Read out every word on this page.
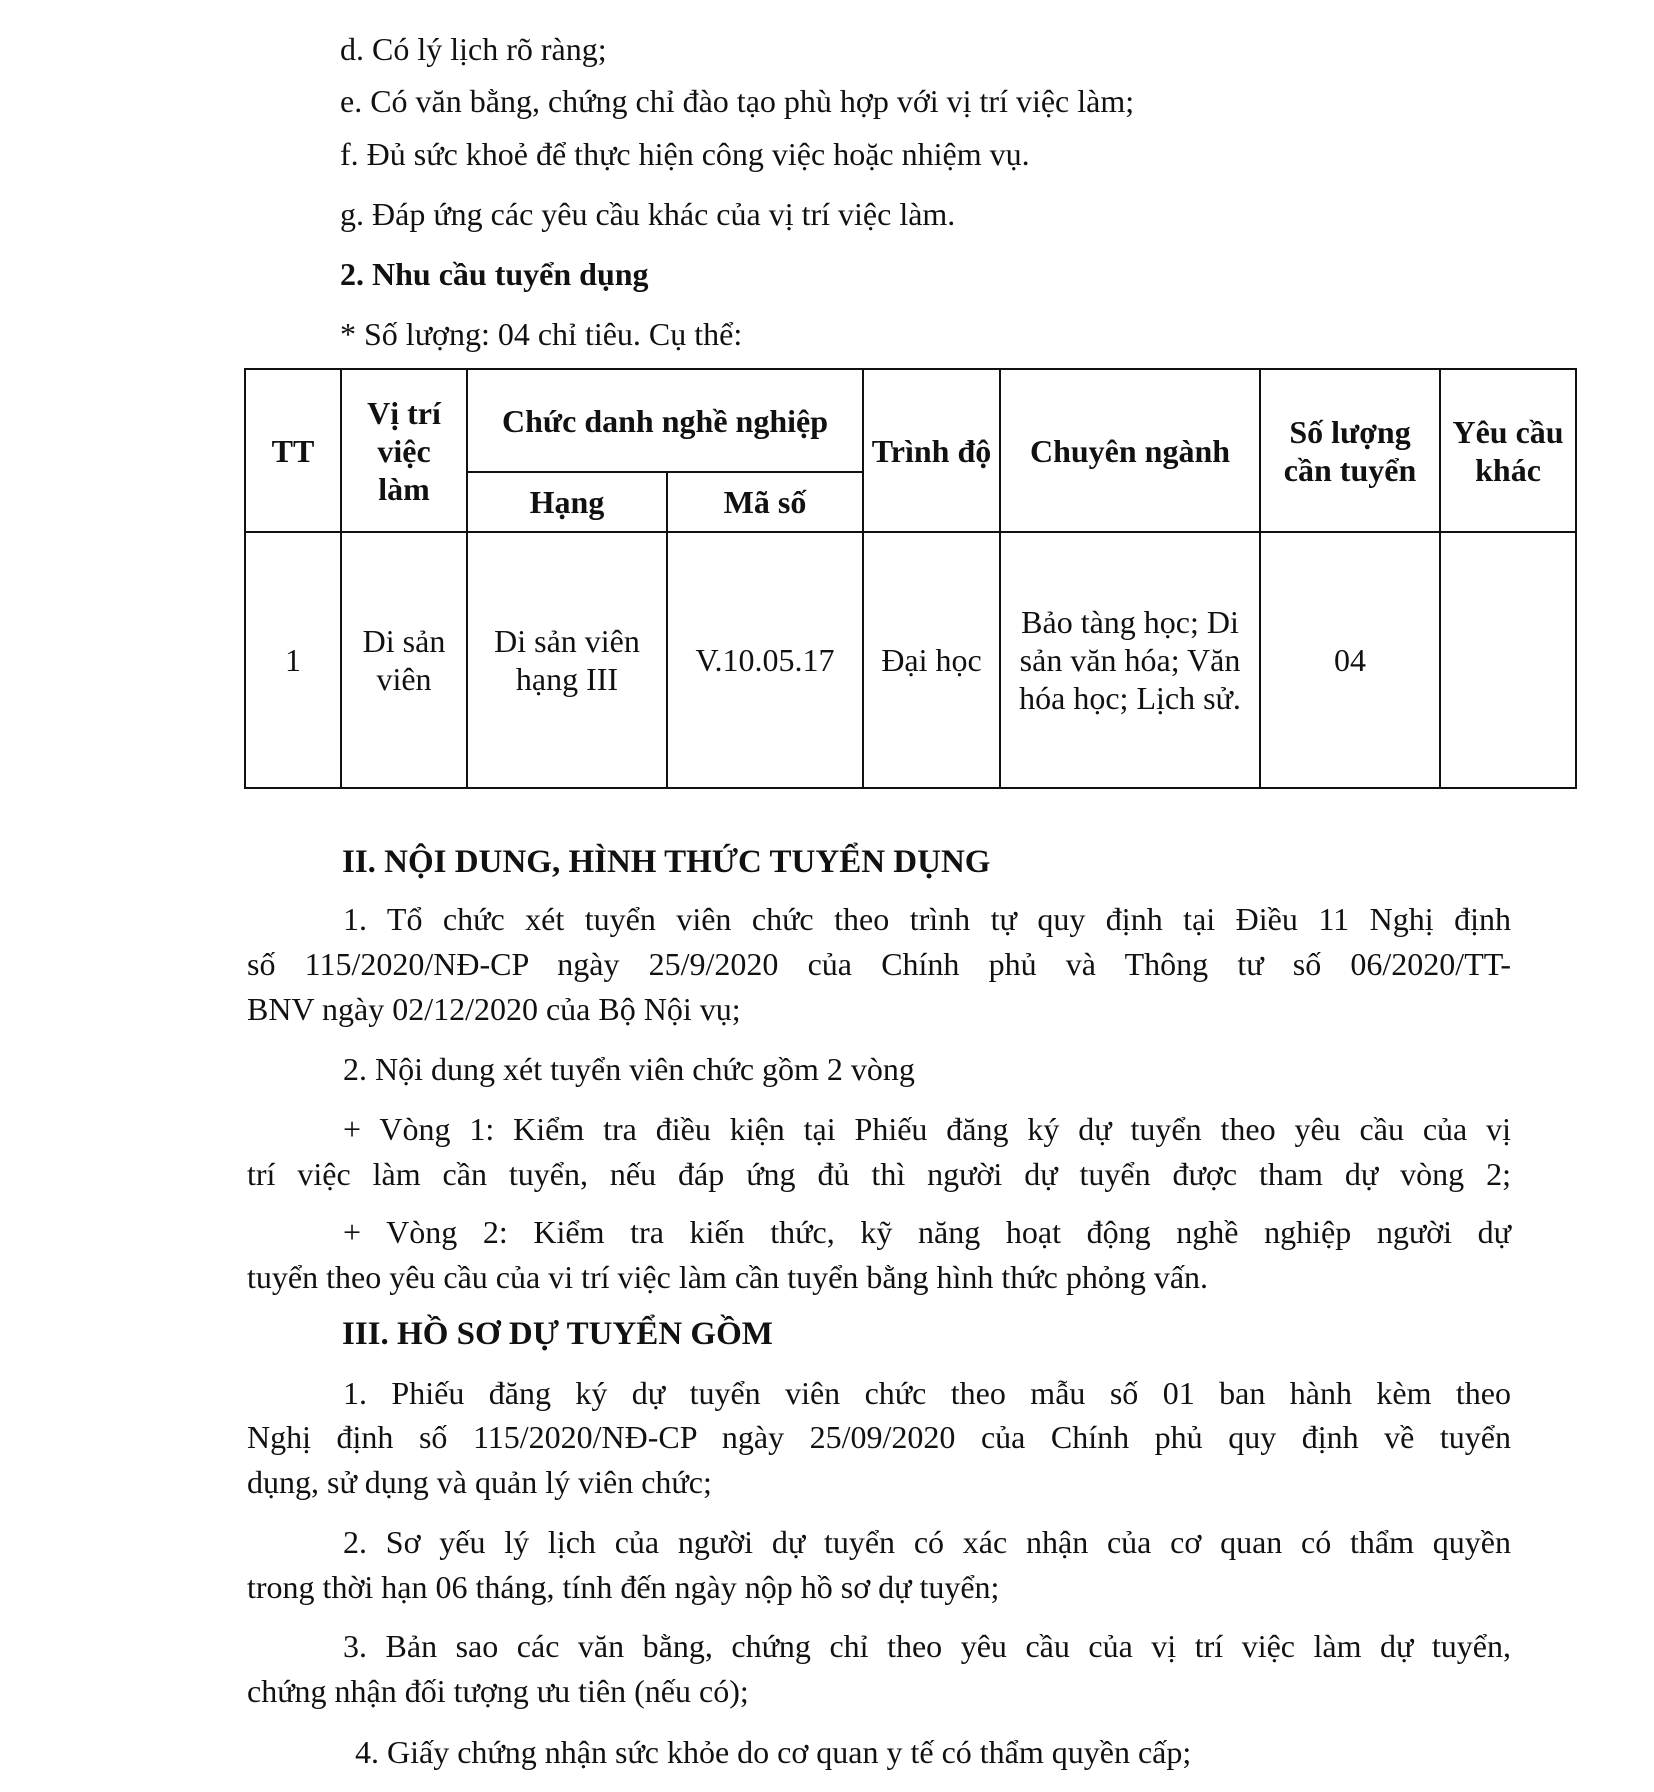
d. Có lý lịch rõ ràng;
e. Có văn bằng, chứng chỉ đào tạo phù hợp với vị trí việc làm;
f. Đủ sức khoẻ để thực hiện công việc hoặc nhiệm vụ.
g. Đáp ứng các yêu cầu khác của vị trí việc làm.
2. Nhu cầu tuyển dụng
* Số lượng: 04 chỉ tiêu. Cụ thể:
TT	Vị trí việc làm	Chức danh nghề nghiệp		Trình độ	Chuyên ngành	Số lượng cần tuyển	Yêu cầu khác
		Hạng	Mã số				
1	Di sản viên	Di sản viên hạng III	V.10.05.17	Đại học	Bảo tàng học; Di sản văn hóa; Văn hóa học; Lịch sử.	04	
II. NỘI DUNG, HÌNH THỨC TUYỂN DỤNG
1. Tổ chức xét tuyển viên chức theo trình tự quy định tại Điều 11 Nghị định
số 115/2020/NĐ-CP ngày 25/9/2020 của Chính phủ và Thông tư số 06/2020/TT-
BNV ngày 02/12/2020 của Bộ Nội vụ;
2. Nội dung xét tuyển viên chức gồm 2 vòng
+ Vòng 1: Kiểm tra điều kiện tại Phiếu đăng ký dự tuyển theo yêu cầu của vị
trí việc làm cần tuyển, nếu đáp ứng đủ thì người dự tuyển được tham dự vòng 2;
+ Vòng 2: Kiểm tra kiến thức, kỹ năng hoạt động nghề nghiệp người dự
tuyển theo yêu cầu của vi trí việc làm cần tuyển bằng hình thức phỏng vấn.
III. HỒ SƠ DỰ TUYỂN GỒM
1. Phiếu đăng ký dự tuyển viên chức theo mẫu số 01 ban hành kèm theo
Nghị định số 115/2020/NĐ-CP ngày 25/09/2020 của Chính phủ quy định về tuyển
dụng, sử dụng và quản lý viên chức;
2. Sơ yếu lý lịch của người dự tuyển có xác nhận của cơ quan có thẩm quyền
trong thời hạn 06 tháng, tính đến ngày nộp hồ sơ dự tuyển;
3. Bản sao các văn bằng, chứng chỉ theo yêu cầu của vị trí việc làm dự tuyển,
chứng nhận đối tượng ưu tiên (nếu có);
4. Giấy chứng nhận sức khỏe do cơ quan y tế có thẩm quyền cấp;
